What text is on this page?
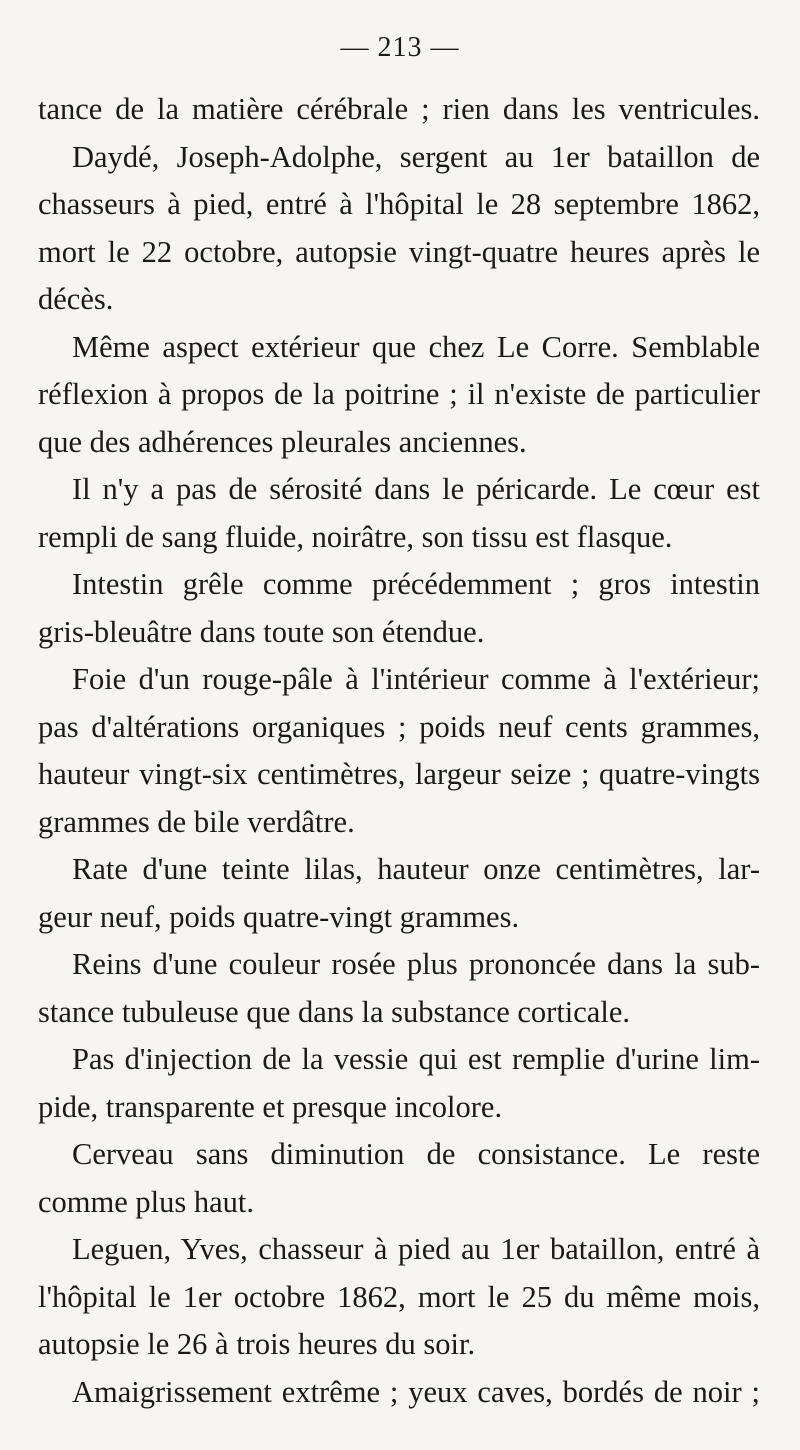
— 213 —
tance de la matière cérébrale ; rien dans les ventricules.
Daydé, Joseph-Adolphe, sergent au 1er bataillon de
chasseurs à pied, entré à l'hôpital le 28 septembre 1862,
mort le 22 octobre, autopsie vingt-quatre heures après le
décès.
Même aspect extérieur que chez Le Corre. Semblable
réflexion à propos de la poitrine ; il n'existe de particulier
que des adhérences pleurales anciennes.
Il n'y a pas de sérosité dans le péricarde. Le cœur est
rempli de sang fluide, noirâtre, son tissu est flasque.
Intestin grêle comme précédemment ; gros intestin
gris-bleuâtre dans toute son étendue.
Foie d'un rouge-pâle à l'intérieur comme à l'extérieur;
pas d'altérations organiques ; poids neuf cents grammes,
hauteur vingt-six centimètres, largeur seize ; quatre-vingts
grammes de bile verdâtre.
Rate d'une teinte lilas, hauteur onze centimètres, lar-
geur neuf, poids quatre-vingt grammes.
Reins d'une couleur rosée plus prononcée dans la sub-
stance tubuleuse que dans la substance corticale.
Pas d'injection de la vessie qui est remplie d'urine lim-
pide, transparente et presque incolore.
Cerveau sans diminution de consistance. Le reste
comme plus haut.
Leguen, Yves, chasseur à pied au 1er bataillon, entré à
l'hôpital le 1er octobre 1862, mort le 25 du même mois,
autopsie le 26 à trois heures du soir.
Amaigrissement extrême ; yeux caves, bordés de noir ;
